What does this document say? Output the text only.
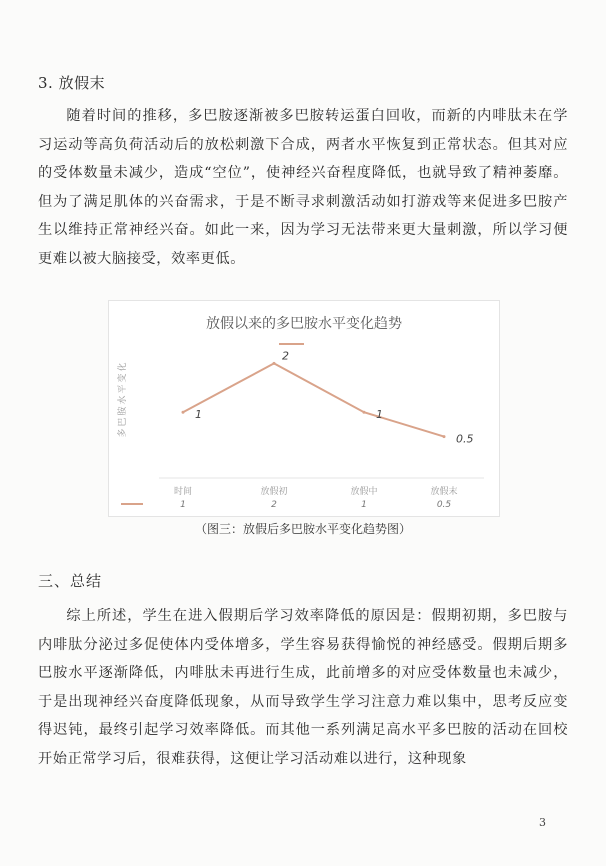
3. 放假末
随着时间的推移，多巴胺逐渐被多巴胺转运蛋白回收，而新的内啡肽未在学习运动等高负荷活动后的放松刺激下合成，两者水平恢复到正常状态。但其对应的受体数量未减少，造成“空位”，使神经兴奋程度降低，也就导致了精神萎靡。但为了满足肌体的兴奋需求，于是不断寻求刺激活动如打游戏等来促进多巴胺产生以维持正常神经兴奋。如此一来，因为学习无法带来更大量刺激，所以学习便更难以被大脑接受，效率更低。
放假以来的多巴胺水平变化趋势
多巴胺水平变化	1
2
1
0.5
时间
1
放假初
2
放假中
1
放假末
0.5
（图三：放假后多巴胺水平变化趋势图）
三、总结
综上所述，学生在进入假期后学习效率降低的原因是：假期初期，多巴胺与内啡肽分泌过多促使体内受体增多，学生容易获得愉悦的神经感受。假期后期多巴胺水平逐渐降低，内啡肽未再进行生成，此前增多的对应受体数量也未减少，于是出现神经兴奋度降低现象，从而导致学生学习注意力难以集中，思考反应变得迟钝，最终引起学习效率降低。而其他一系列满足高水平多巴胺的活动在回校开始正常学习后，很难获得，这便让学习活动难以进行，这种现象
3
